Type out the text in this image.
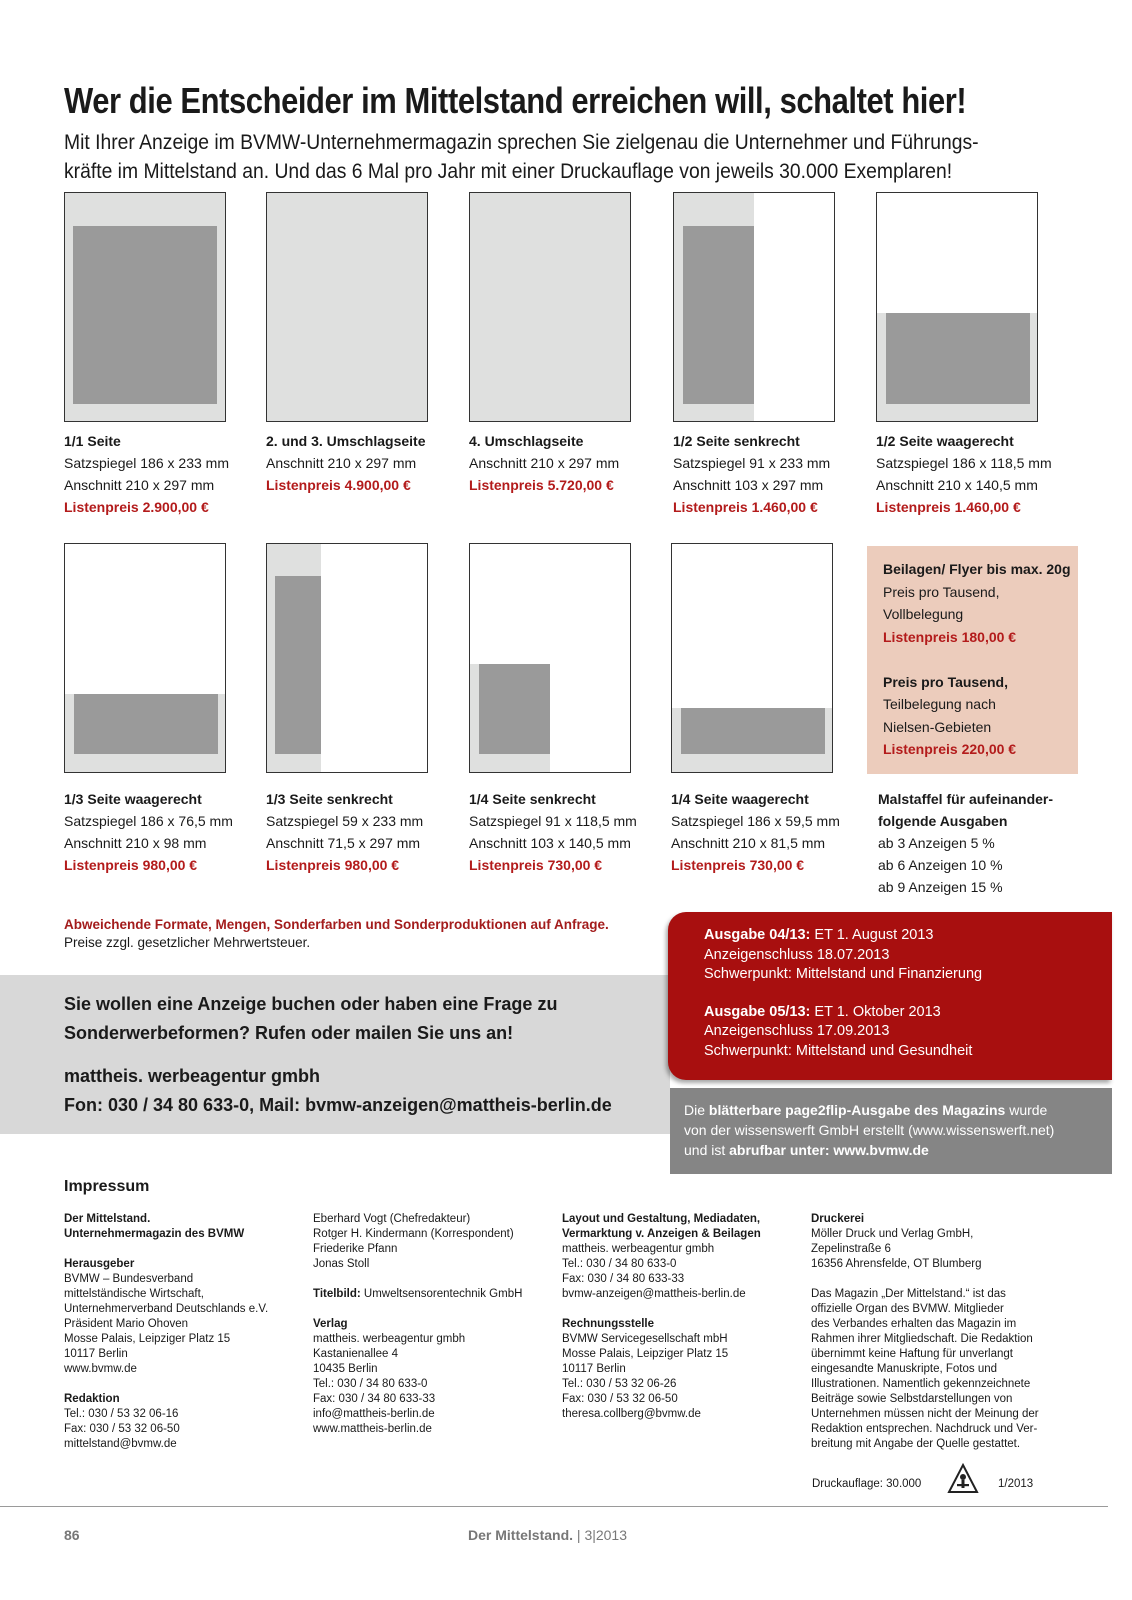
Wer die Entscheider im Mittelstand erreichen will, schaltet hier!
Mit Ihrer Anzeige im BVMW-Unternehmermagazin sprechen Sie zielgenau die Unternehmer und Führungs-
kräfte im Mittelstand an. Und das 6 Mal pro Jahr mit einer Druckauflage von jeweils 30.000 Exemplaren!
1/1 Seite
Satzspiegel 186 x 233 mm
Anschnitt 210 x 297 mm
Listenpreis 2.900,00 €
2. und 3. Umschlagseite
Anschnitt 210 x 297 mm
Listenpreis 4.900,00 €
4. Umschlagseite
Anschnitt 210 x 297 mm
Listenpreis 5.720,00 €
1/2 Seite senkrecht
Satzspiegel 91 x 233 mm
Anschnitt 103 x 297 mm
Listenpreis 1.460,00 €
1/2 Seite waagerecht
Satzspiegel 186 x 118,5 mm
Anschnitt 210 x 140,5 mm
Listenpreis 1.460,00 €
1/3 Seite waagerecht
Satzspiegel 186 x 76,5 mm
Anschnitt 210 x 98 mm
Listenpreis 980,00 €
1/3 Seite senkrecht
Satzspiegel 59 x 233 mm
Anschnitt 71,5 x 297 mm
Listenpreis 980,00 €
1/4 Seite senkrecht
Satzspiegel 91 x 118,5 mm
Anschnitt 103 x 140,5 mm
Listenpreis 730,00 €
1/4 Seite waagerecht
Satzspiegel 186 x 59,5 mm
Anschnitt 210 x 81,5 mm
Listenpreis 730,00 €
Beilagen/ Flyer bis max. 20g
Preis pro Tausend,
Vollbelegung
Listenpreis 180,00 €
Preis pro Tausend,
Teilbelegung nach
Nielsen-Gebieten
Listenpreis 220,00 €
Malstaffel für aufeinander-
folgende Ausgaben
ab 3 Anzeigen 5 %
ab 6 Anzeigen 10 %
ab 9 Anzeigen 15 %
Abweichende Formate, Mengen, Sonderfarben und Sonderproduktionen auf Anfrage.
Preise zzgl. gesetzlicher Mehrwertsteuer.
Sie wollen eine Anzeige buchen oder haben eine Frage zu
Sonderwerbeformen? Rufen oder mailen Sie uns an!
mattheis. werbeagentur gmbh
Fon: 030 / 34 80 633-0, Mail: bvmw-anzeigen@mattheis-berlin.de
Ausgabe 04/13: ET 1. August 2013
Anzeigenschluss 18.07.2013
Schwerpunkt: Mittelstand und Finanzierung
Ausgabe 05/13: ET 1. Oktober 2013
Anzeigenschluss 17.09.2013
Schwerpunkt: Mittelstand und Gesundheit
Die blätterbare page2flip-Ausgabe des Magazins wurde
von der wissenswerft GmbH erstellt (www.wissenswerft.net)
und ist abrufbar unter: www.bvmw.de
Impressum
Der Mittelstand.
Unternehmermagazin des BVMW
Herausgeber
BVMW – Bundesverband
mittelständische Wirtschaft,
Unternehmerverband Deutschlands e.V.
Präsident Mario Ohoven
Mosse Palais, Leipziger Platz 15
10117 Berlin
www.bvmw.de
Redaktion
Tel.: 030 / 53 32 06-16
Fax: 030 / 53 32 06-50
mittelstand@bvmw.de
Eberhard Vogt (Chefredakteur)
Rotger H. Kindermann (Korrespondent)
Friederike Pfann
Jonas Stoll
Titelbild: Umweltsensorentechnik GmbH
Verlag
mattheis. werbeagentur gmbh
Kastanienallee 4
10435 Berlin
Tel.: 030 / 34 80 633-0
Fax: 030 / 34 80 633-33
info@mattheis-berlin.de
www.mattheis-berlin.de
Layout und Gestaltung, Mediadaten,
Vermarktung v. Anzeigen & Beilagen
mattheis. werbeagentur gmbh
Tel.: 030 / 34 80 633-0
Fax: 030 / 34 80 633-33
bvmw-anzeigen@mattheis-berlin.de
Rechnungsstelle
BVMW Servicegesellschaft mbH
Mosse Palais, Leipziger Platz 15
10117 Berlin
Tel.: 030 / 53 32 06-26
Fax: 030 / 53 32 06-50
theresa.collberg@bvmw.de
Druckerei
Möller Druck und Verlag GmbH,
Zepelinstraße 6
16356 Ahrensfelde, OT Blumberg
Das Magazin „Der Mittelstand.“ ist das
offizielle Organ des BVMW. Mitglieder
des Verbandes erhalten das Magazin im
Rahmen ihrer Mitgliedschaft. Die Redaktion
übernimmt keine Haftung für unverlangt
eingesandte Manuskripte, Fotos und
Illustrationen. Namentlich gekennzeichnete
Beiträge sowie Selbstdarstellungen von
Unternehmen müssen nicht der Meinung der
Redaktion entsprechen. Nachdruck und Ver-
breitung mit Angabe der Quelle gestattet.
Druckauflage: 30.000	1/2013
86	Der Mittelstand. | 3|2013
